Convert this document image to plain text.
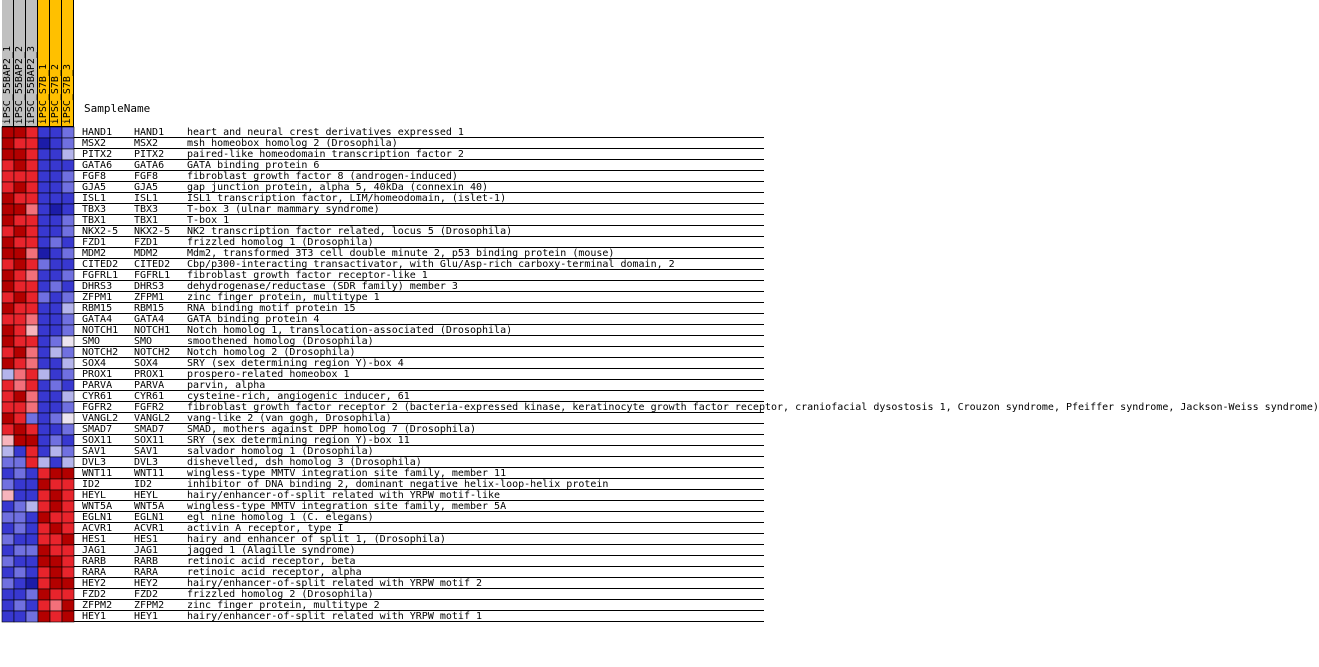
iPSC_55BAP2_1 iPSC_55BAP2_2 iPSC_55BAP2_3 iPSC_S7B_1 iPSC_S7B_2 iPSC_S7B_3 SampleName
HAND1 HAND1 heart and neural crest derivatives expressed 1
MSX2	MSX2	msh homeobox homolog 2 (Drosophila)
PITX2 PITX2 paired-like homeodomain transcription factor 2
GATA6 GATA6 GATA binding protein 6
FGF8	FGF8	fibroblast growth factor 8 (androgen-induced)
GJA5	GJA5	gap junction protein, alpha 5, 40kDa (connexin 40)
ISL1	ISL1	ISL1 transcription factor, LIM/homeodomain, (islet-1)
TBX3	TBX3	T-box 3 (ulnar mammary syndrome)
TBX1	TBX1	T-box 1
NKX2-5 NKX2-5 NK2 transcription factor related, locus 5 (Drosophila)
FZD1	FZD1	frizzled homolog 1 (Drosophila)
MDM2	MDM2	Mdm2, transformed 3T3 cell double minute 2, p53 binding protein (mouse)
CITED2 CITED2 Cbp/p300-interacting transactivator, with Glu/Asp-rich carboxy-terminal domain, 2
FGFRL1 FGFRL1 fibroblast growth factor receptor-like 1
DHRS3 DHRS3 dehydrogenase/reductase (SDR family) member 3
ZFPM1 ZFPM1 zinc finger protein, multitype 1
RBM15 RBM15 RNA binding motif protein 15
GATA4 GATA4 GATA binding protein 4
NOTCH1 NOTCH1 Notch homolog 1, translocation-associated (Drosophila)
SMO	SMO	smoothened homolog (Drosophila)
NOTCH2 NOTCH2 Notch homolog 2 (Drosophila)
SOX4	SOX4	SRY (sex determining region Y)-box 4
PROX1 PROX1 prospero-related homeobox 1
PARVA PARVA parvin, alpha
CYR61 CYR61 cysteine-rich, angiogenic inducer, 61
FGFR2 FGFR2 fibroblast growth factor receptor 2 (bacteria-expressed kinase, keratinocyte growth factor receptor, craniofacial dysostosis 1, Crouzon syndrome, Pfeiffer syndrome, Jackson-Weiss syndrome)
VANGL2 VANGL2 vang-like 2 (van gogh, Drosophila)
SMAD7 SMAD7 SMAD, mothers against DPP homolog 7 (Drosophila)
SOX11 SOX11 SRY (sex determining region Y)-box 11
SAV1	SAV1	salvador homolog 1 (Drosophila)
DVL3	DVL3	dishevelled, dsh homolog 3 (Drosophila)
WNT11 WNT11 wingless-type MMTV integration site family, member 11
ID2	ID2	inhibitor of DNA binding 2, dominant negative helix-loop-helix protein
HEYL	HEYL	hairy/enhancer-of-split related with YRPW motif-like
WNT5A WNT5A wingless-type MMTV integration site family, member 5A
EGLN1 EGLN1 egl nine homolog 1 (C. elegans)
ACVR1 ACVR1 activin A receptor, type I
HES1	HES1	hairy and enhancer of split 1, (Drosophila)
JAG1	JAG1	jagged 1 (Alagille syndrome)
RARB	RARB	retinoic acid receptor, beta
RARA	RARA	retinoic acid receptor, alpha
HEY2	HEY2	hairy/enhancer-of-split related with YRPW motif 2
FZD2	FZD2	frizzled homolog 2 (Drosophila)
ZFPM2 ZFPM2 zinc finger protein, multitype 2
HEY1	HEY1	hairy/enhancer-of-split related with YRPW motif 1
